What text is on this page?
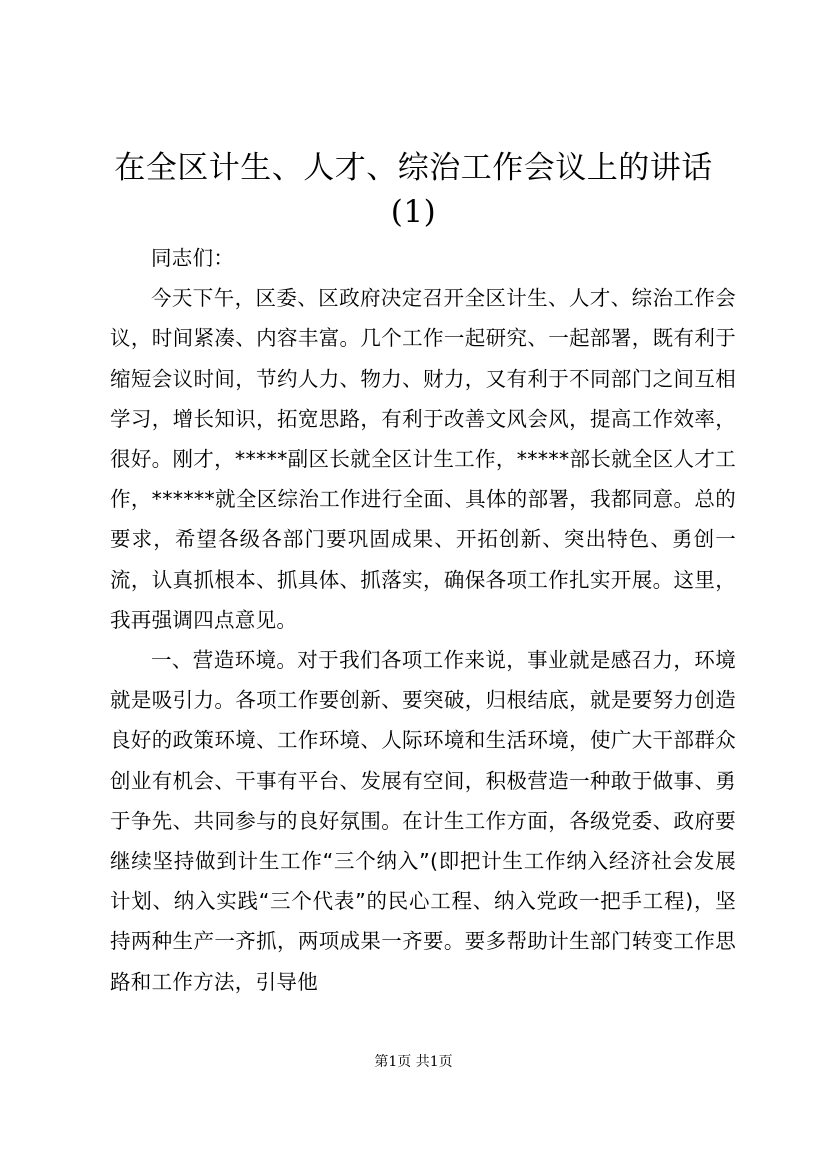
在全区计生、人才、综治工作会议上的讲话
(1)

同志们：

今天下午，区委、区政府决定召开全区计生、人才、综治工作会议，时间紧凑、内容丰富。几个工作一起研究、一起部署，既有利于缩短会议时间，节约人力、物力、财力，又有利于不同部门之间互相学习，增长知识，拓宽思路，有利于改善文风会风，提高工作效率，很好。刚才，*****副区长就全区计生工作，*****部长就全区人才工作，******就全区综治工作进行全面、具体的部署，我都同意。总的要求，希望各级各部门要巩固成果、开拓创新、突出特色、勇创一流，认真抓根本、抓具体、抓落实，确保各项工作扎实开展。这里，我再强调四点意见。

一、营造环境。对于我们各项工作来说，事业就是感召力，环境就是吸引力。各项工作要创新、要突破，归根结底，就是要努力创造良好的政策环境、工作环境、人际环境和生活环境，使广大干部群众创业有机会、干事有平台、发展有空间，积极营造一种敢于做事、勇于争先、共同参与的良好氛围。在计生工作方面，各级党委、政府要继续坚持做到计生工作“三个纳入”(即把计生工作纳入经济社会发展计划、纳入实践“三个代表”的民心工程、纳入党政一把手工程)，坚持两种生产一齐抓，两项成果一齐要。要多帮助计生部门转变工作思路和工作方法，引导他

第1页 共1页
